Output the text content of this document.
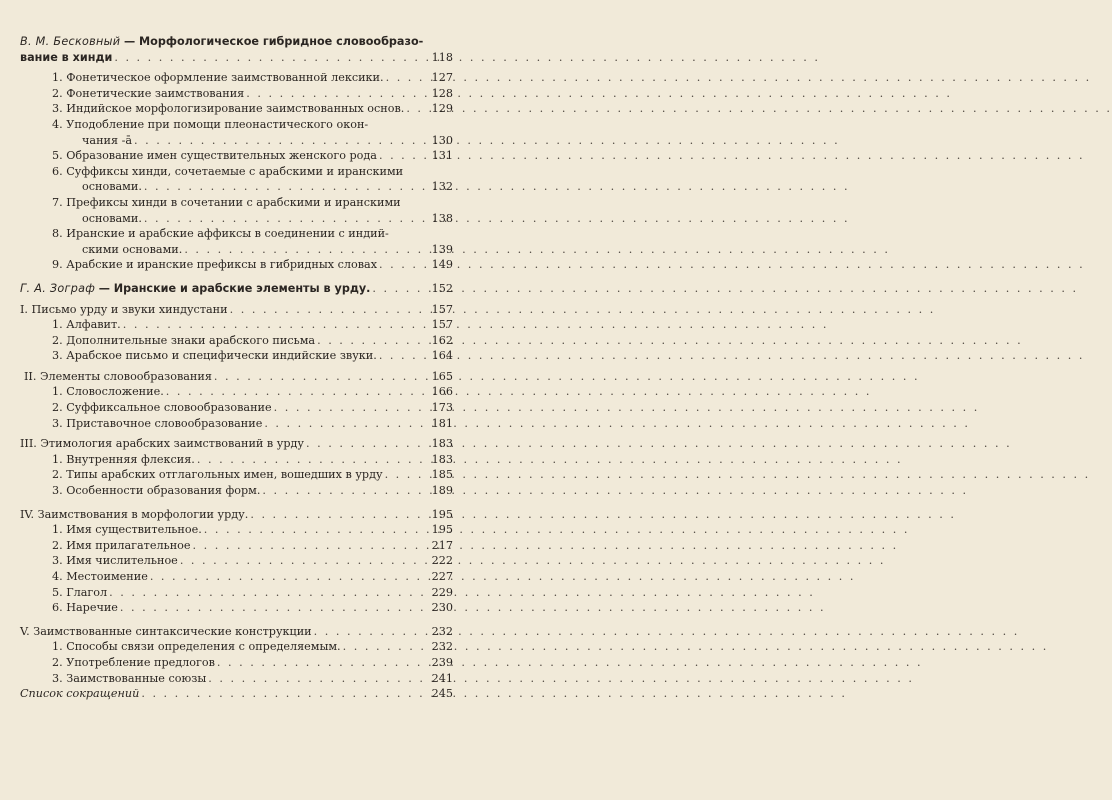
В. М. Бесковный
— Морфологическое гибридное словообразо-
вание в хинди . . .	118
1. Фонетическое оформление заимствованной лексики. . . .	127
2. Фонетические заимствования . . .	128
3. Индийское морфологизирование заимствованных основ. . . . 129
4. Уподобление при помощи плеонастического окон-
чания -ā . . .	130
5. Образование имен существительных женского рода . . .	131
6. Суффиксы хинди, сочетаемые с арабскими и иранскими
основами. . . .	132
7. Префиксы хинди в сочетании с арабскими и иранскими
основами. . . .	138
8. Иранские и арабские аффиксы в соединении с индий-
скими основами. . . .	139
9. Арабские и иранские префиксы в гибридных словах . . .	149
Г. А. Зограф — Иранские и арабские элементы в урду. . . .	152
I. Письмо урду и звуки хиндустани . . .	157
1. Алфавит. . . .	157
2. Дополнительные знаки арабского письма . . .	162
3. Арабское письмо и специфически индийские звуки. . . .	164
II. Элементы словообразования . . .	165
1. Словосложение. . . .	166
2. Суффиксальное словообразование . . .	173
3. Приставочное словообразование . . .	181
III. Этимология арабских заимствований в урду . . .	183
1. Внутренняя флексия. . . .	183
2. Типы арабских отглагольных имен, вошедших в урду . . .	185
3. Особенности образования форм. . . .	189
IV. Заимствования в морфологии урду. . . .	195
1. Имя существительное. . . .	195
2. Имя прилагательное . . .	217
3. Имя числительное . . .	222
4. Местоимение . . .	227
5. Глагол . . .	229
6. Наречие . . .	230
V. Заимствованные синтаксические конструкции . . .	232
1. Способы связи определения с определяемым. . . .	232
2. Употребление предлогов . . .	239
3. Заимствованные союзы . . .	241
Список сокращений . . .	245
